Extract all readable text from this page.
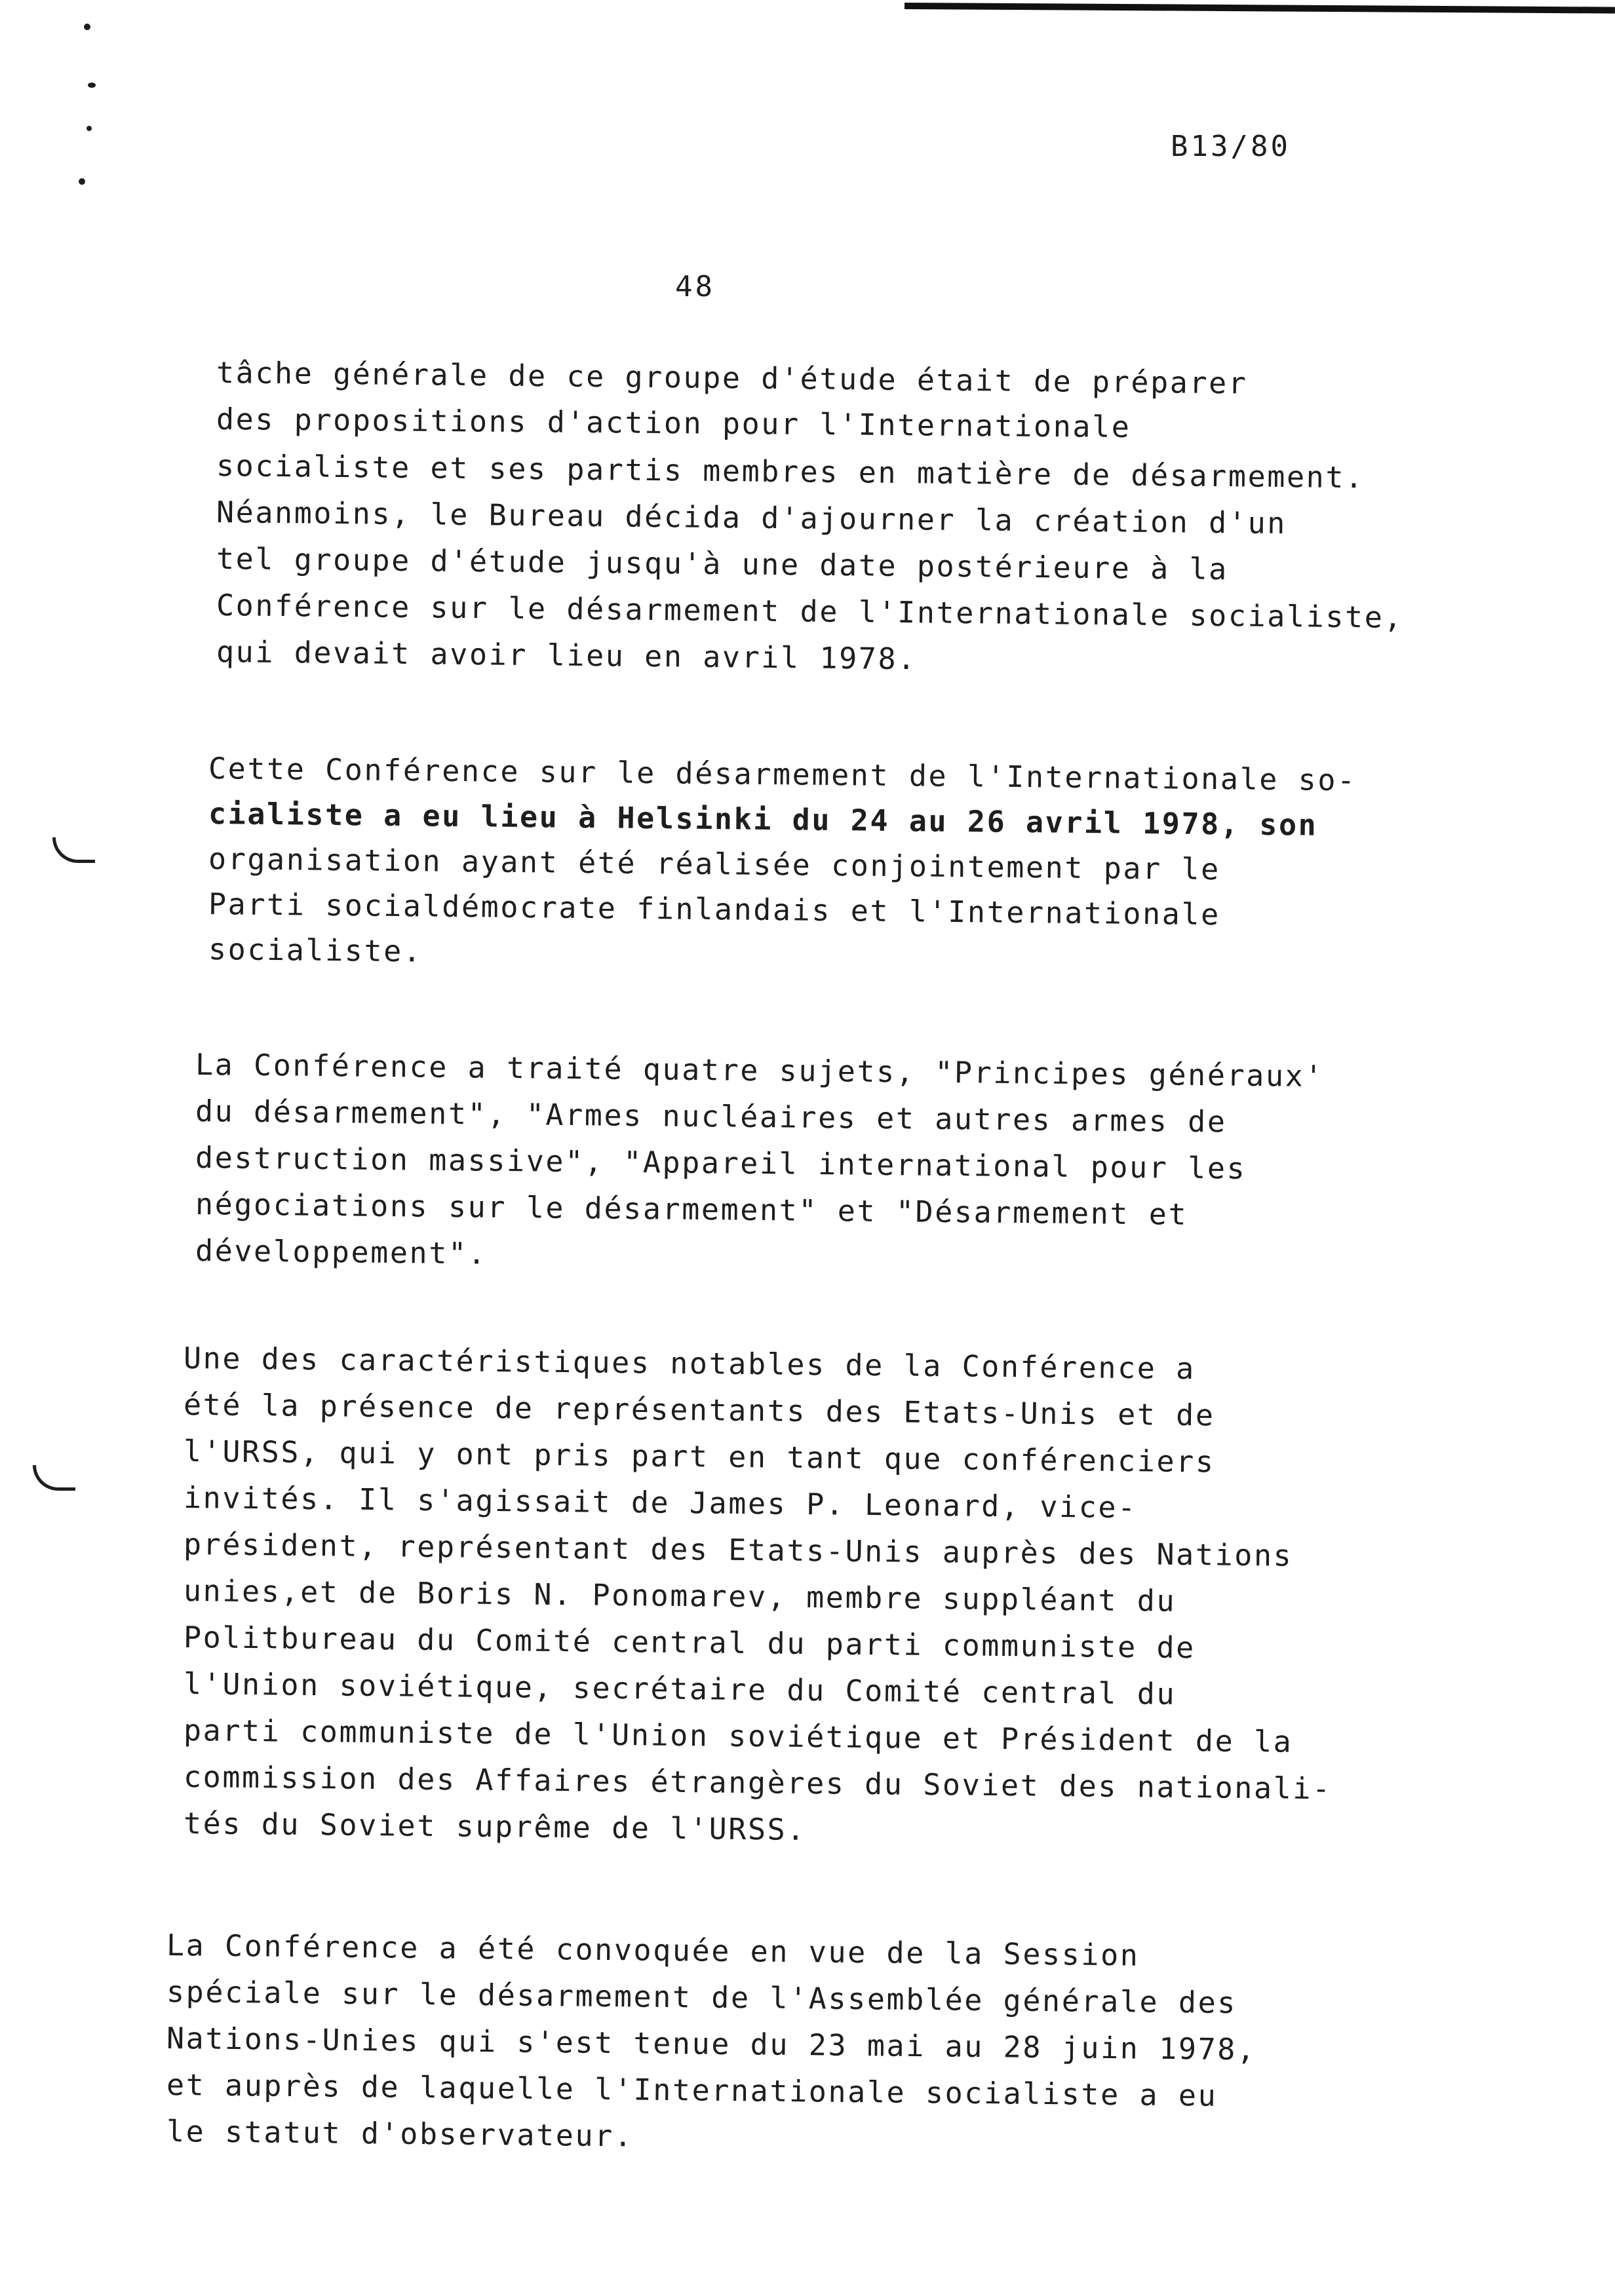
B13/80
48
tâche générale de ce groupe d'étude était de préparer
des propositions d'action pour l'Internationale
socialiste et ses partis membres en matière de désarmement.
Néanmoins, le Bureau décida d'ajourner la création d'un
tel groupe d'étude jusqu'à une date postérieure à la
Conférence sur le désarmement de l'Internationale socialiste,
qui devait avoir lieu en avril 1978.
Cette Conférence sur le désarmement de l'Internationale so-
cialiste a eu lieu à Helsinki du 24 au 26 avril 1978, son
organisation ayant été réalisée conjointement par le
Parti socialdémocrate finlandais et l'Internationale
socialiste.
La Conférence a traité quatre sujets, "Principes généraux'
du désarmement", "Armes nucléaires et autres armes de
destruction massive", "Appareil international pour les
négociations sur le désarmement" et "Désarmement et
développement".
Une des caractéristiques notables de la Conférence a
été la présence de représentants des Etats-Unis et de
l'URSS, qui y ont pris part en tant que conférenciers
invités. Il s'agissait de James P. Leonard, vice-
président, représentant des Etats-Unis auprès des Nations
unies,et de Boris N. Ponomarev, membre suppléant du
Politbureau du Comité central du parti communiste de
l'Union soviétique, secrétaire du Comité central du
parti communiste de l'Union soviétique et Président de la
commission des Affaires étrangères du Soviet des nationali-
tés du Soviet suprême de l'URSS.
La Conférence a été convoquée en vue de la Session
spéciale sur le désarmement de l'Assemblée générale des
Nations-Unies qui s'est tenue du 23 mai au 28 juin 1978,
et auprès de laquelle l'Internationale socialiste a eu
le statut d'observateur.
